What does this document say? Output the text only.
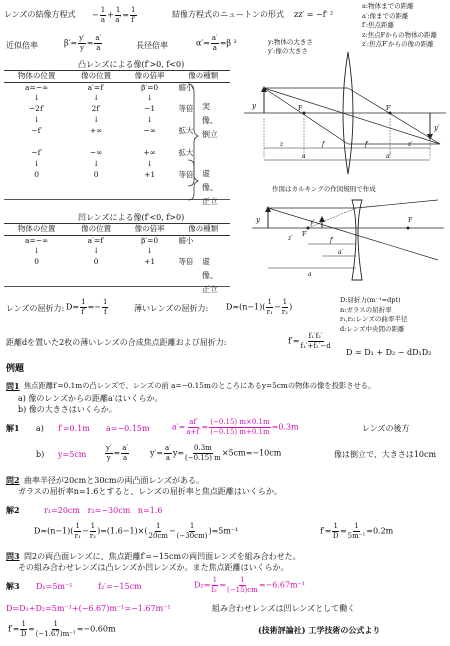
レンズの結像方程式 − $\frac{1}{a} + \frac{1}{a'} = \frac{1}{f'}$	結像方程式のニュートンの形式 zz′ = −f′ ²
a:物体までの距離
a′:像までの距離
f′:焦点距離
z:焦点Fからの物体の距離
z′:焦点F′からの像の距離
近似倍率	$\beta'= \frac{y'}{y} = \frac{a'}{a}$	長径倍率	$\alpha'= \frac{a'}{a} =\beta$ ²	y:物体の大きさ
y′:像の大きさ
凸レンズによる像(f′>0, f<0)
物体の位置	像の位置	像の倍率	像の種類
a=−∞	a′=f′	β′=0	縮小
↓	↓	↓	
−2f′	2f′	−1	等倍
↓	↓	↓	
−f′	+∞	−∞	拡大

−f′	−∞	+∞	拡大
↓	↓	↓	
0	0	+1	等倍
実像、倒立
虚像、正立
y
y′
F	F′
z	f	f′	z′
a	a′
作図はカルキングの作図規則で作成
凹レンズによる像(f′<0, f>0)
物体の位置	像の位置	像の倍率	像の種類
a=−∞	a′=f′	β′=0	縮小
↓	↓	↓	
0	0	+1	等倍 虚像、正立
y	y′
F′
F
f′
a′
a
z′
レンズの屈折力: $D= \frac{1}{f'} =- \frac{1}{f}$	薄いレンズの屈折力: $D=(n-1)( \frac{1}{\text{r₁}} - \frac{1}{\text{r₂}}$ )
D:屈折力(m⁻¹=dpt)
n:ガラスの屈折率
r₁,r₂:レンズの曲率半径
d:レンズ中央間の距離
距離dを置いた2枚の薄いレンズの合成焦点距離および屈折力:	$f'= \frac{\text{f₁′f₂′}}{\text{f₁′+f₂′−d}}$
D = D₁ + D₂ − dD₁D₂
例題
問1 焦点距離f′=0.1mの凸レンズで、レンズの前 a=−0.15mのところにあるy=5cmの物体の像を投影させる。
a) 像のレンズからの距離a′はいくらか。
b) 像の大きさはいくらか。
解1 a) f′=0.1m a=−0.15m	$a'= \frac{af'}{a+f'} = \frac{(-0.15) m\times 0.1m}{(-0.15) m+0.1m} =0.3m$	レンズの後方
b) y=5cm	$\frac{y'}{y} = \frac{a'}{a}$	$y'= \frac{a'}{a} y= \frac{0.3m}{(-0.15) m} \times 5cm=-10cm$	像は倒立で、大きさは10cm
問2 曲率半径が20cmと30cmの両凸面レンズがある。
ガラスの屈折率n=1.6とすると、レンズの屈折率と焦点距離はいくらか。
解2	r₁=20cm   r₂=−30cm   n=1.6
$D=(n-1)( \frac{1}{\text{r₁}} - \frac{1}{\text{r₂}} )=(1.6-1)\times( \frac{1}{20cm} - \frac{1}{(-30cm)} )=5m^{-1}$	$f'= \frac{1}{D} = \frac{1}{\text{5m⁻¹}} =0.2m$
問3 問2の両凸面レンズに、焦点距離f′=−15cmの両凹面レンズを組み合わせた。
その組み合わせレンズは凸レンズか凹レンズか。また焦点距離はいくらか。
解3 D₁=5m⁻¹	f₂′=−15cm	$D_2= \frac{1}{\text{f₂′}} = \frac{1}{(-15)cm} =-6.67m^{-1}$
D=D₁+D₂=5m⁻¹+(−6.67)m⁻¹=−1.67m⁻¹	組み合わせレンズは凹レンズとして働く
$f'= \frac{1}{D} = \frac{1}{\text{(−1.67)m⁻¹}} =-0.60m$	(技術評論社) 工学技術の公式より
